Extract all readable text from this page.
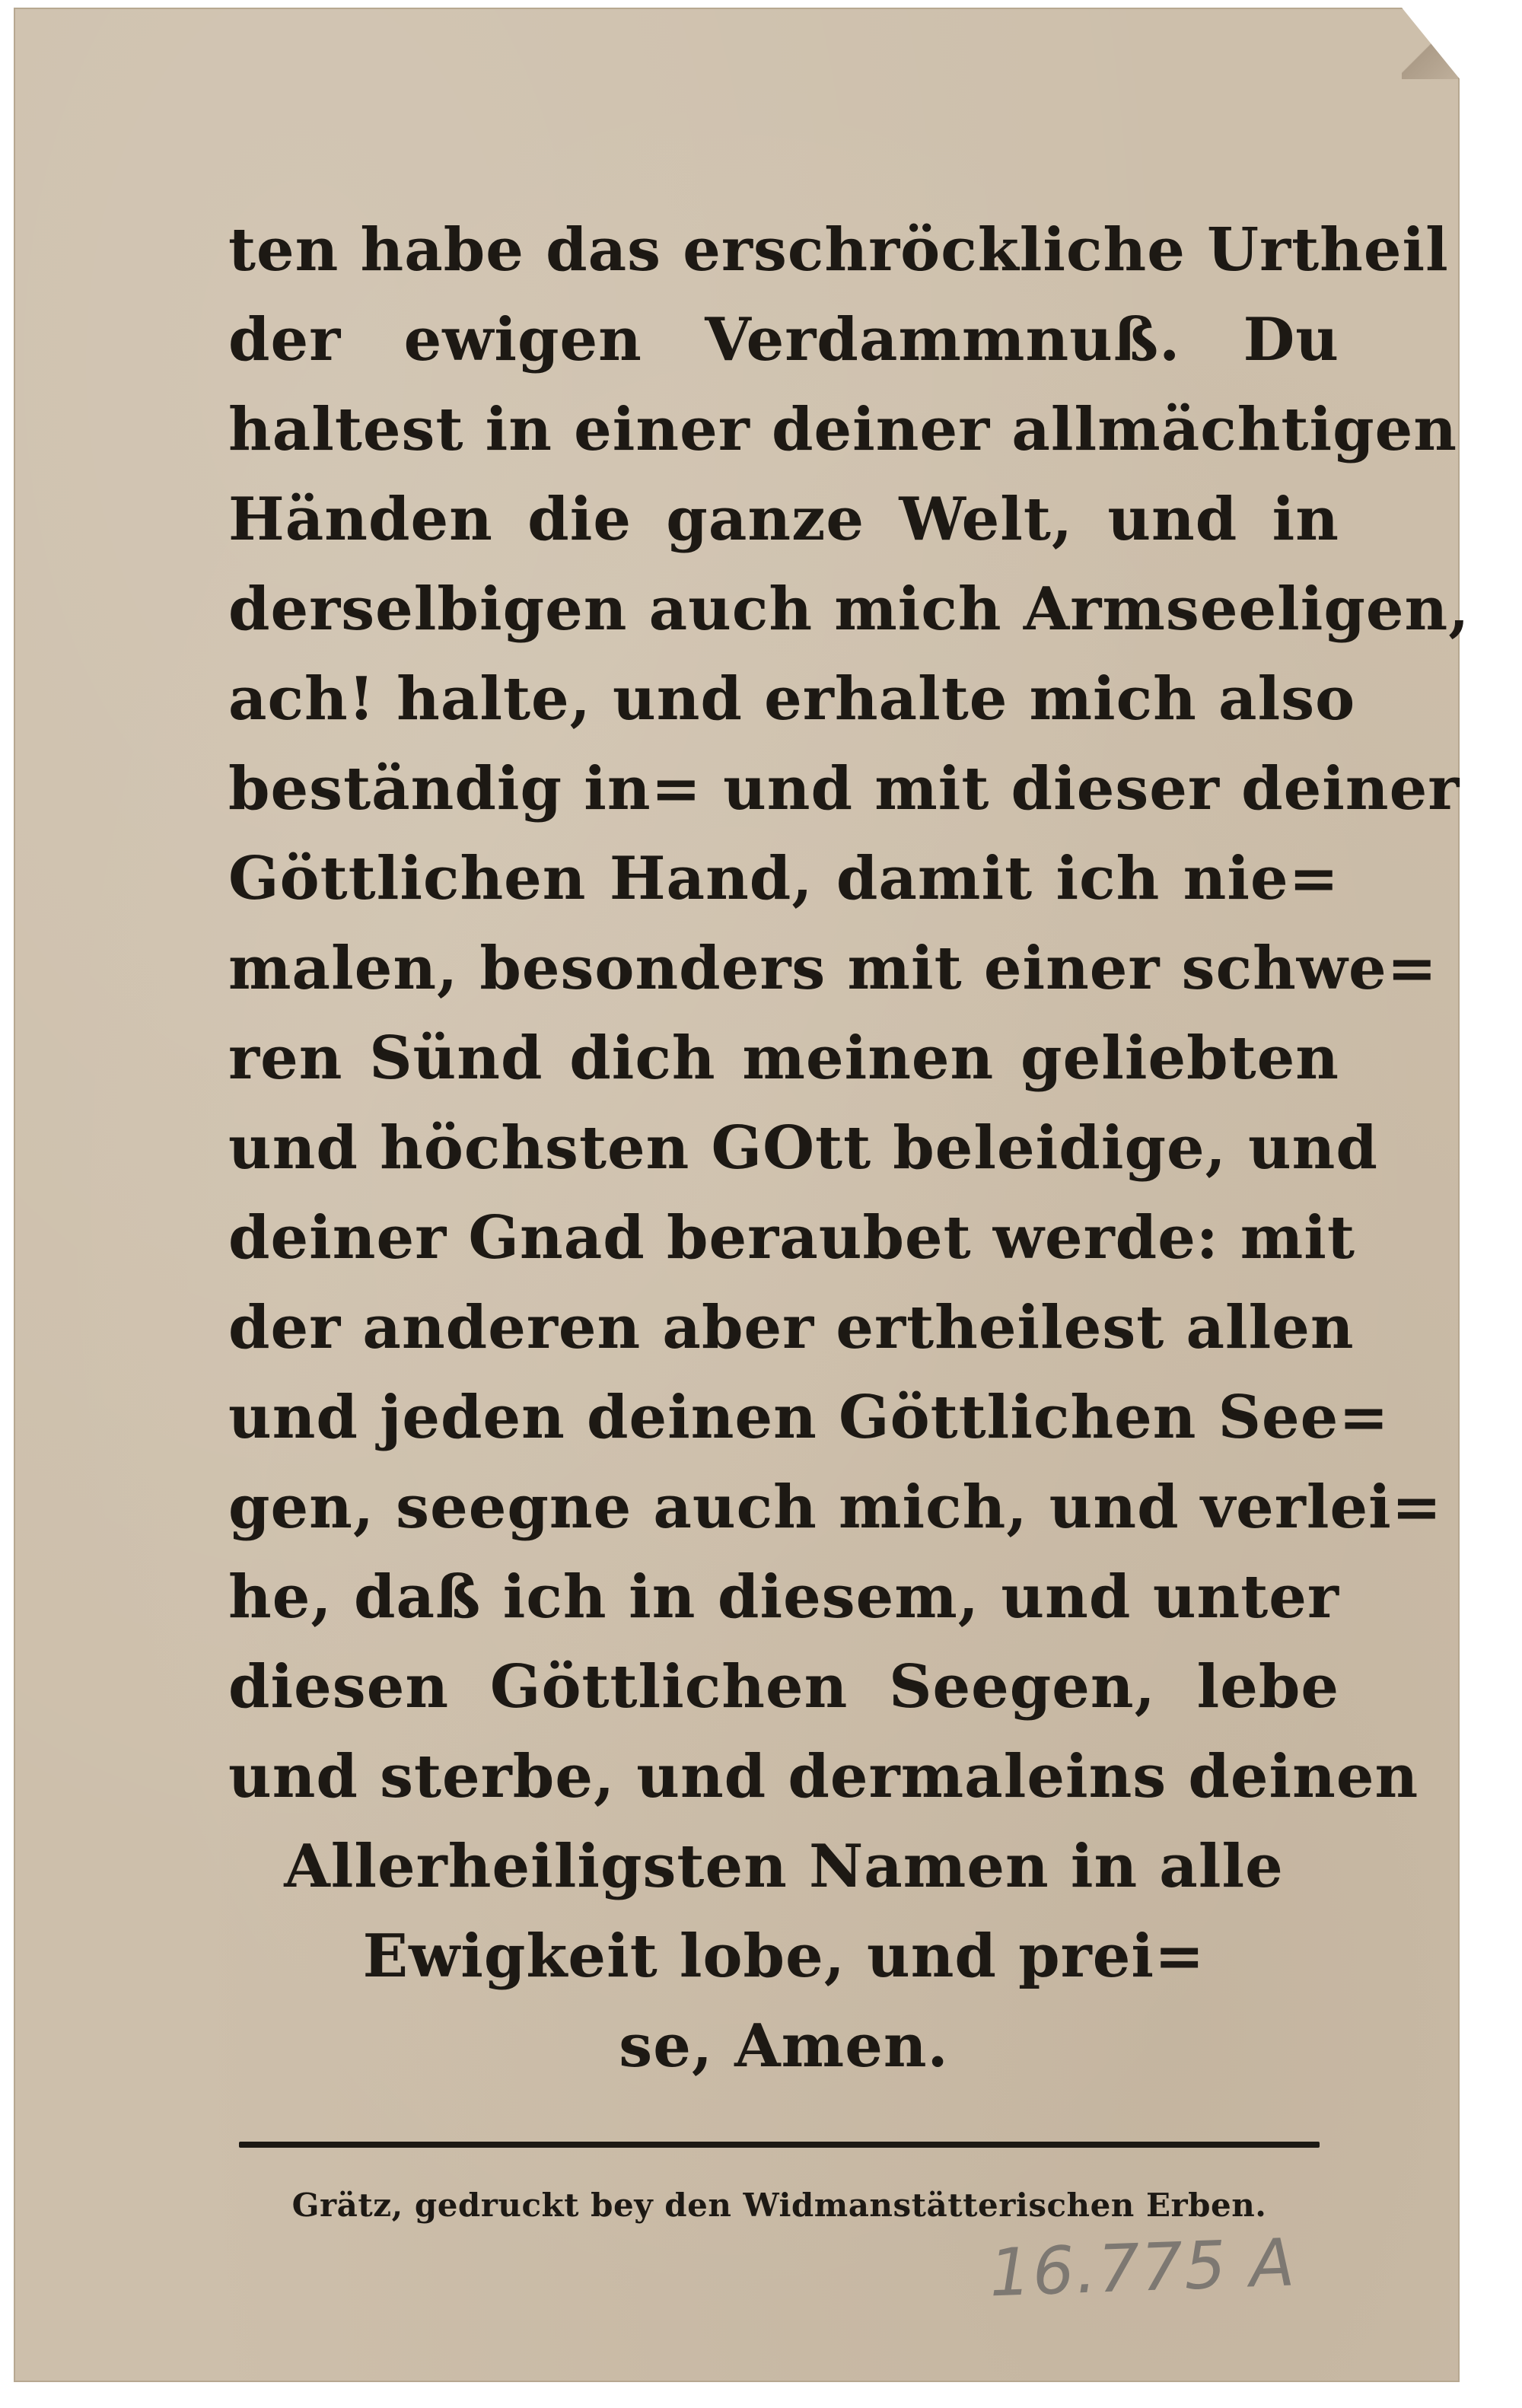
ten habe das erschröckliche Urtheil
der ewigen Verdammnuß. Du
haltest in einer deiner allmächtigen
Händen die ganze Welt, und in
derselbigen auch mich Armseeligen,
ach! halte, und erhalte mich also
beständig in= und mit dieser deiner
Göttlichen Hand, damit ich nie=
malen, besonders mit einer schwe=
ren Sünd dich meinen geliebten
und höchsten GOtt beleidige, und
deiner Gnad beraubet werde: mit
der anderen aber ertheilest allen
und jeden deinen Göttlichen See=
gen, seegne auch mich, und verlei=
he, daß ich in diesem, und unter
diesen Göttlichen Seegen, lebe
und sterbe, und dermaleins deinen
Allerheiligsten Namen in alle
Ewigkeit lobe, und prei=
se, Amen.
Grätz, gedruckt bey den Widmanstätterischen Erben.
16.775 A
